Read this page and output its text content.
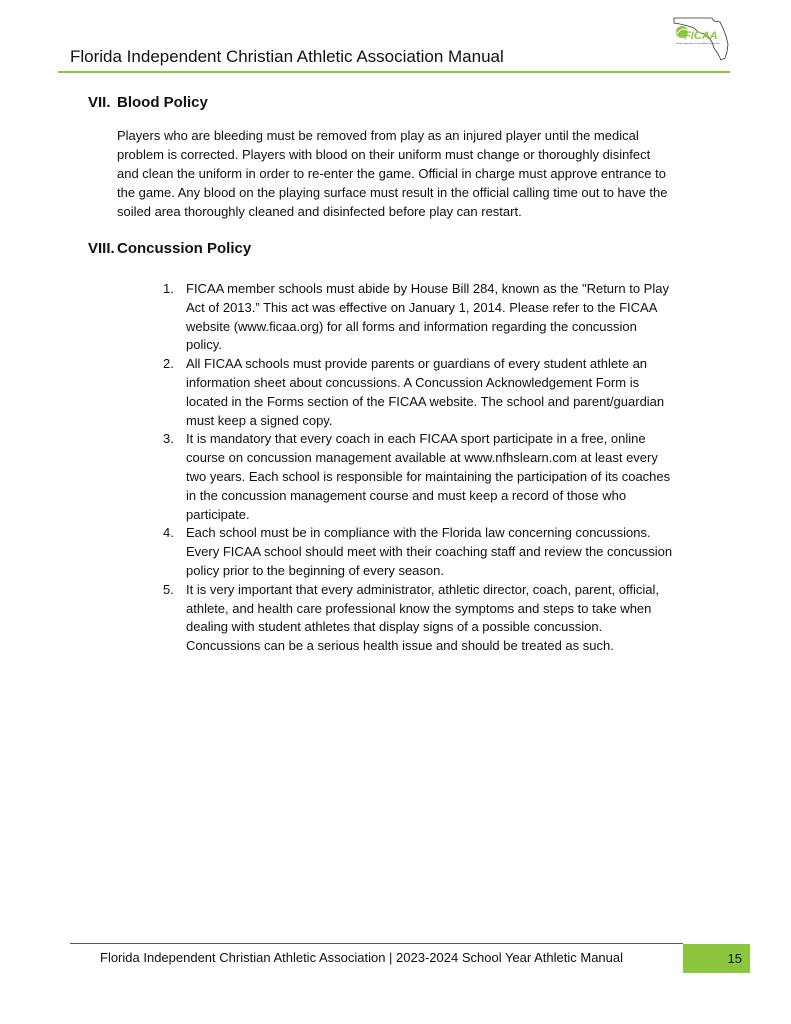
Florida Independent Christian Athletic Association Manual
FICAA
Florida Independent Christian Athletic Association
VII. Blood Policy

Players who are bleeding must be removed from play as an injured player until the medical
problem is corrected. Players with blood on their uniform must change or thoroughly disinfect
and clean the uniform in order to re-enter the game. Official in charge must approve entrance to
the game. Any blood on the playing surface must result in the official calling time out to have the
soiled area thoroughly cleaned and disinfected before play can restart.

VIII. Concussion Policy
1. FICAA member schools must abide by House Bill 284, known as the "Return to Play
Act of 2013.” This act was effective on January 1, 2014. Please refer to the FICAA
website (www.ficaa.org) for all forms and information regarding the concussion
policy.
2. All FICAA schools must provide parents or guardians of every student athlete an
information sheet about concussions. A Concussion Acknowledgement Form is
located in the Forms section of the FICAA website. The school and parent/guardian
must keep a signed copy.
3. It is mandatory that every coach in each FICAA sport participate in a free, online
course on concussion management available at www.nfhslearn.com at least every
two years. Each school is responsible for maintaining the participation of its coaches
in the concussion management course and must keep a record of those who
participate.
4. Each school must be in compliance with the Florida law concerning concussions.
Every FICAA school should meet with their coaching staff and review the concussion
policy prior to the beginning of every season.
5. It is very important that every administrator, athletic director, coach, parent, official,
athlete, and health care professional know the symptoms and steps to take when
dealing with student athletes that display signs of a possible concussion.
Concussions can be a serious health issue and should be treated as such.
Florida Independent Christian Athletic Association | 2023-2024 School Year Athletic Manual	15
